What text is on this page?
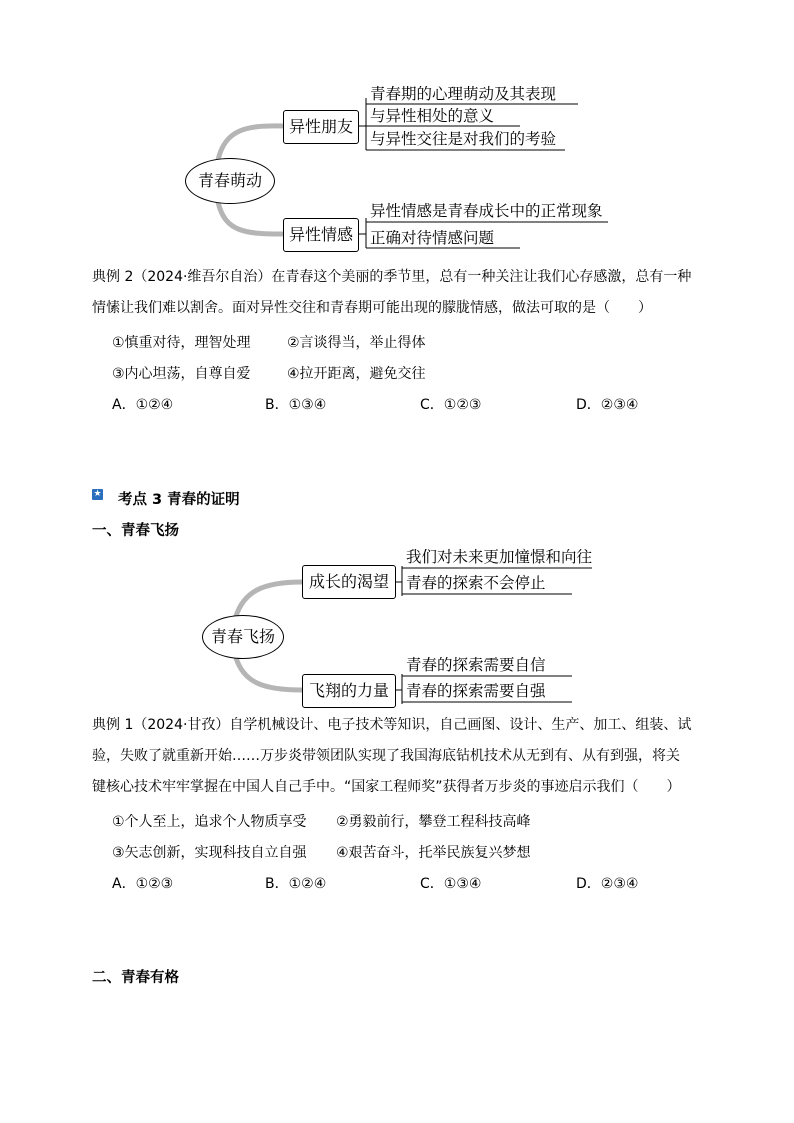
青春萌动
异性朋友
异性情感
青春期的心理萌动及其表现
与异性相处的意义
与异性交往是对我们的考验
异性情感是青春成长中的正常现象
正确对待情感问题
典例 2（2024·维吾尔自治）在青春这个美丽的季节里，总有一种关注让我们心存感激，总有一种
情愫让我们难以割舍。面对异性交往和青春期可能出现的朦胧情感，做法可取的是（　　）
①慎重对待，理智处理	②言谈得当，举止得体
③内心坦荡，自尊自爱	④拉开距离，避免交往
A．①②④	B．①③④	C．①②③	D．②③④
★ 考点 3 青春的证明
一、青春飞扬
青春飞扬
成长的渴望
飞翔的力量
我们对未来更加憧憬和向往
青春的探索不会停止
青春的探索需要自信
青春的探索需要自强
典例 1（2024·甘孜）自学机械设计、电子技术等知识，自己画图、设计、生产、加工、组装、试
验，失败了就重新开始……万步炎带领团队实现了我国海底钻机技术从无到有、从有到强，将关
键核心技术牢牢掌握在中国人自己手中。“国家工程师奖”获得者万步炎的事迹启示我们（　　）
①个人至上，追求个人物质享受 ②勇毅前行，攀登工程科技高峰
③矢志创新，实现科技自立自强 ④艰苦奋斗，托举民族复兴梦想
A．①②③	B．①②④	C．①③④	D．②③④
二、青春有格
